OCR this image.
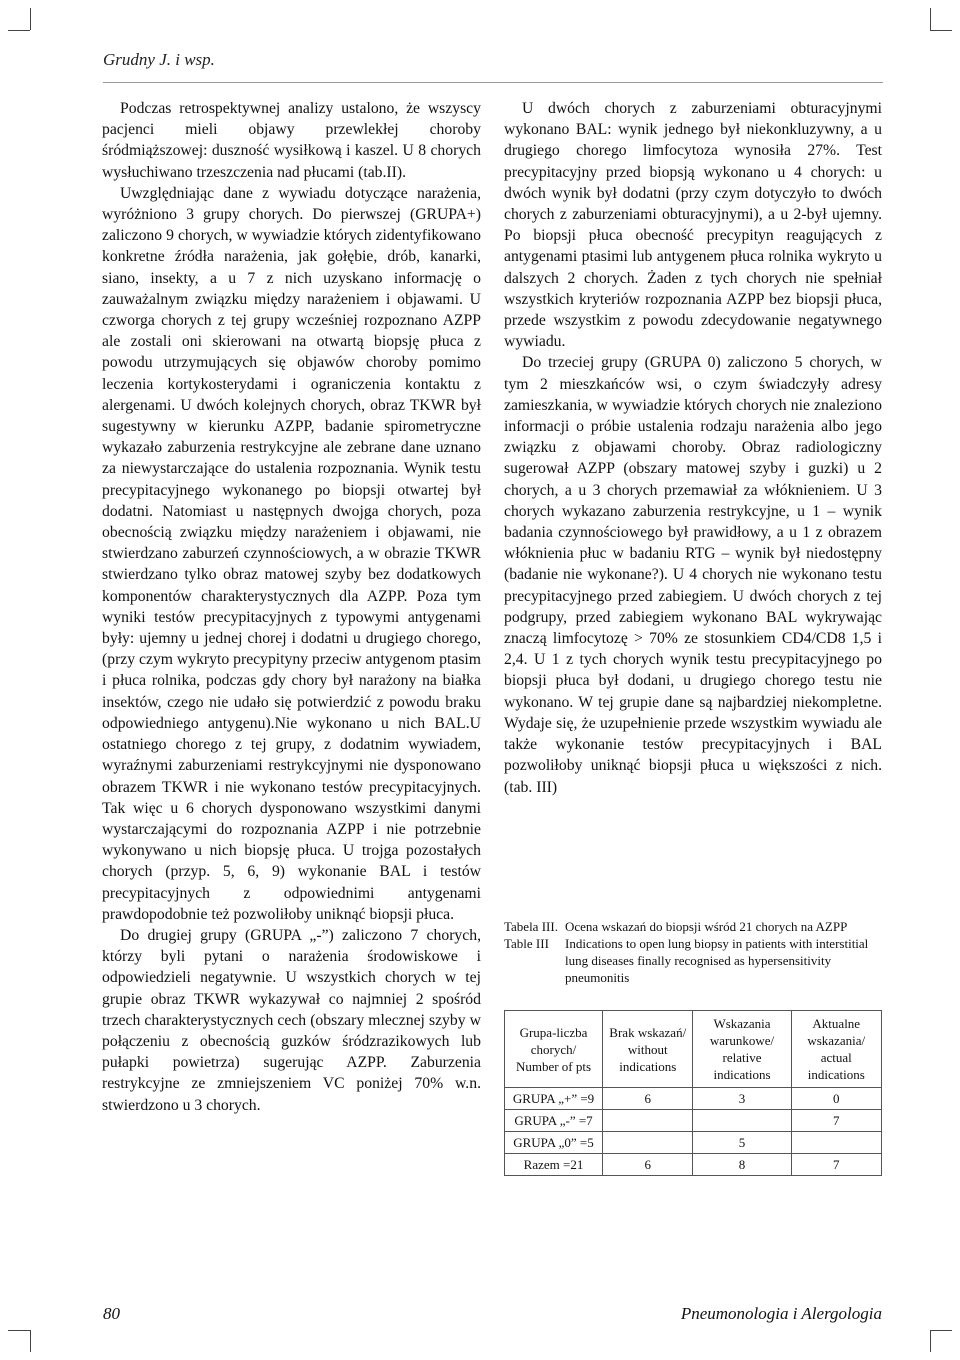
Grudny J. i wsp.

Podczas retrospektywnej analizy ustalono, że wszyscy pacjenci mieli objawy przewlekłej choroby śródmiąższowej: duszność wysiłkową i kaszel. U 8 chorych wysłuchiwano trzeszczenia nad płucami (tab.II).

Uwzględniając dane z wywiadu dotyczące narażenia, wyróżniono 3 grupy chorych. Do pierwszej (GRUPA+) zaliczono 9 chorych, w wywiadzie których zidentyfikowano konkretne źródła narażenia, jak gołębie, drób, kanarki, siano, insekty, a u 7 z nich uzyskano informację o zauważalnym związku między narażeniem i objawami. U czworga chorych z tej grupy wcześniej rozpoznano AZPP ale zostali oni skierowani na otwartą biopsję płuca z powodu utrzymujących się objawów choroby pomimo leczenia kortykosterydami i ograniczenia kontaktu z alergenami. U dwóch kolejnych chorych, obraz TKWR był sugestywny w kierunku AZPP, badanie spirometryczne wykazało zaburzenia restrykcyjne ale zebrane dane uznano za niewystarczające do ustalenia rozpoznania. Wynik testu precypitacyjnego wykonanego po biopsji otwartej był dodatni. Natomiast u następnych dwojga chorych, poza obecnością związku między narażeniem i objawami, nie stwierdzano zaburzeń czynnościowych, a w obrazie TKWR stwierdzano tylko obraz matowej szyby bez dodatkowych komponentów charakterystycznych dla AZPP. Poza tym wyniki testów precypitacyjnych z typowymi antygenami były: ujemny u jednej chorej i dodatni u drugiego chorego, (przy czym wykryto precypityny przeciw antygenom ptasim i płuca rolnika, podczas gdy chory był narażony na białka insektów, czego nie udało się potwierdzić z powodu braku odpowiedniego antygenu).Nie wykonano u nich BAL.U ostatniego chorego z tej grupy, z dodatnim wywiadem, wyraźnymi zaburzeniami restrykcyjnymi nie dysponowano obrazem TKWR i nie wykonano testów precypitacyjnych. Tak więc u 6 chorych dysponowano wszystkimi danymi wystarczającymi do rozpoznania AZPP i nie potrzebnie wykonywano u nich biopsję płuca. U trojga pozostałych chorych (przyp. 5, 6, 9) wykonanie BAL i testów precypitacyjnych z odpowiednimi antygenami prawdopodobnie też pozwoliłoby uniknąć biopsji płuca.

Do drugiej grupy (GRUPA „-”) zaliczono 7 chorych, którzy byli pytani o narażenia środowiskowe i odpowiedzieli negatywnie. U wszystkich chorych w tej grupie obraz TKWR wykazywał co najmniej 2 spośród trzech charakterystycznych cech (obszary mlecznej szyby w połączeniu z obecnością guzków śródzrazikowych lub pułapki powietrza) sugerując AZPP. Zaburzenia restrykcyjne ze zmniejszeniem VC poniżej 70% w.n. stwierdzono u 3 chorych.

U dwóch chorych z zaburzeniami obturacyjnymi wykonano BAL: wynik jednego był niekonkluzywny, a u drugiego chorego limfocytoza wynosiła 27%. Test precypitacyjny przed biopsją wykonano u 4 chorych: u dwóch wynik był dodatni (przy czym dotyczyło to dwóch chorych z zaburzeniami obturacyjnymi), a u 2-był ujemny. Po biopsji płuca obecność precypityn reagujących z antygenami ptasimi lub antygenem płuca rolnika wykryto u dalszych 2 chorych. Żaden z tych chorych nie spełniał wszystkich kryteriów rozpoznania AZPP bez biopsji płuca, przede wszystkim z powodu zdecydowanie negatywnego wywiadu.

Do trzeciej grupy (GRUPA 0) zaliczono 5 chorych, w tym 2 mieszkańców wsi, o czym świadczyły adresy zamieszkania, w wywiadzie których chorych nie znaleziono informacji o próbie ustalenia rodzaju narażenia albo jego związku z objawami choroby. Obraz radiologiczny sugerował AZPP (obszary matowej szyby i guzki) u 2 chorych, a u 3 chorych przemawiał za włóknieniem. U 3 chorych wykazano zaburzenia restrykcyjne, u 1 – wynik badania czynnościowego był prawidłowy, a u 1 z obrazem włóknienia płuc w badaniu RTG – wynik był niedostępny (badanie nie wykonane?). U 4 chorych nie wykonano testu precypitacyjnego przed zabiegiem. U dwóch chorych z tej podgrupy, przed zabiegiem wykonano BAL wykrywając znaczą limfocytozę > 70% ze stosunkiem CD4/CD8 1,5 i 2,4. U 1 z tych chorych wynik testu precypitacyjnego po biopsji płuca był dodani, u drugiego chorego testu nie wykonano. W tej grupie dane są najbardziej niekompletne. Wydaje się, że uzupełnienie przede wszystkim wywiadu ale także wykonanie testów precypitacyjnych i BAL pozwoliłoby uniknąć biopsji płuca u większości z nich. (tab. III)

Tabela III. Ocena wskazań do biopsji wśród 21 chorych na AZPP
Table III	Indications to open lung biopsy in patients with interstitial lung diseases finally recognised as hypersensitivity pneumonitis
Grupa-liczba chorych/ Number of pts	Brak wskazań/ without indications	Wskazania warunkowe/ relative indications	Aktualne wskazania/ actual indications
GRUPA „+” =9	6	3	0
GRUPA „-” =7			7
GRUPA „0” =5		5	
Razem =21	6	8	7
80	Pneumonologia i Alergologia
